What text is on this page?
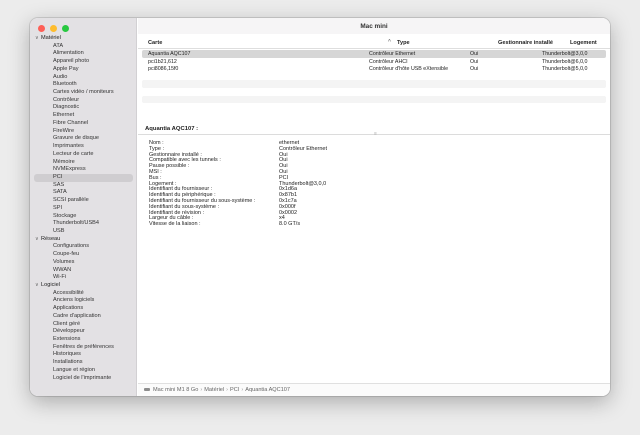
∨ Matériel
ATA
Alimentation
Appareil photo
Apple Pay
Audio
Bluetooth
Cartes vidéo / moniteurs
Contrôleur
Diagnostic
Ethernet
Fibre Channel
FireWire
Gravure de disque
Imprimantes
Lecteur de carte
Mémoire
NVMExpress
PCI
SAS
SATA
SCSI parallèle
SPI
Stockage
Thunderbolt/USB4
USB
∨ Réseau
Configurations
Coupe-feu
Volumes
WWAN
Wi-Fi
∨ Logiciel
Accessibilité
Anciens logiciels
Applications
Cadre d'application
Client géré
Développeur
Extensions
Fenêtres de préférences
Historiques
Installations
Langue et région
Logiciel de l'imprimante
Mac mini
Carte	^ Type	Gestionnaire installé	Logement
Aquantia AQC107	Contrôleur Ethernet	Oui	Thunderbolt@3,0,0
pci1b21,612	Contrôleur AHCI	Oui	Thunderbolt@6,0,0
pci8086,15f0	Contrôleur d'hôte USB eXtensible	Oui	Thunderbolt@5,0,0
≡
Aquantia AQC107 :
Nom :	ethernet
Type :	Contrôleur Ethernet
Gestionnaire installé :	Oui
Compatible avec les tunnels :	Oui
Pause possible :	Oui
MSI :	Oui
Bus :	PCI
Logement :	Thunderbolt@3,0,0
Identifiant du fournisseur :	0x1d6a
Identifiant du périphérique :	0x87b1
Identifiant du fournisseur du sous-système :	0x1c7a
Identifiant du sous-système :	0x000f
Identifiant de révision :	0x0002
Largeur du câble :	x4
Vitesse de la liaison :	8.0 GT/s
Mac mini M1 8 Go › Matériel › PCI › Aquantia AQC107
